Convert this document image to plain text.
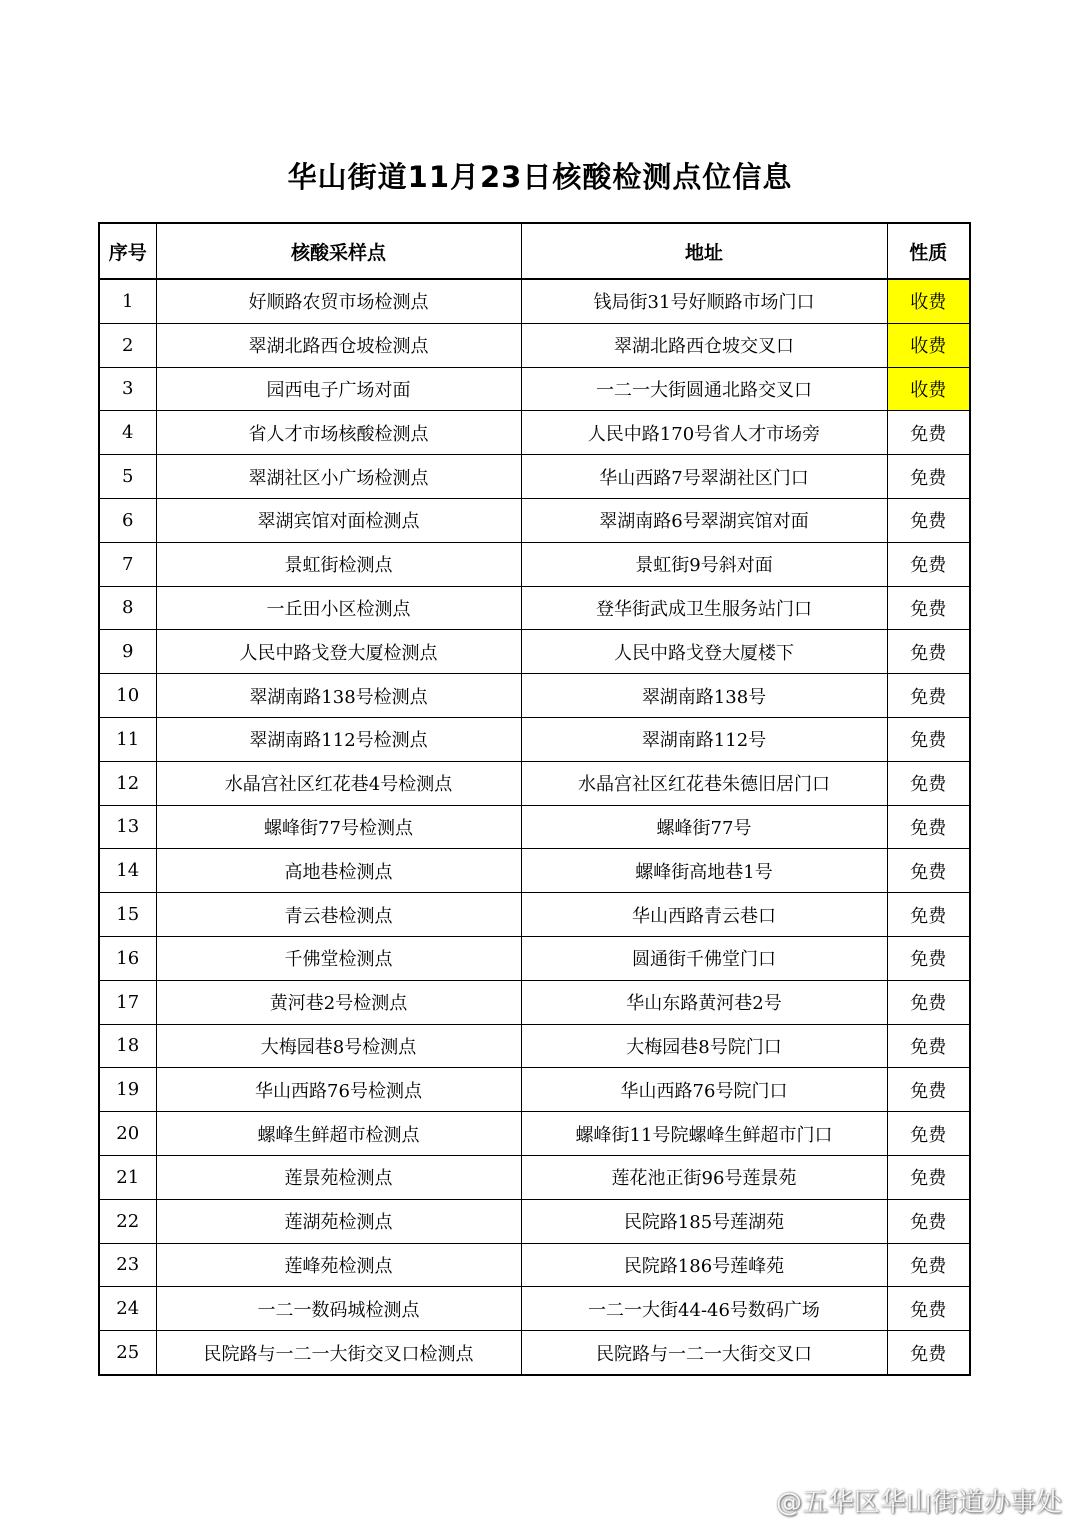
华山街道11月23日核酸检测点位信息
序号	核酸采样点	地址	性质
1	好顺路农贸市场检测点	钱局街31号好顺路市场门口	收费
2	翠湖北路西仓坡检测点	翠湖北路西仓坡交叉口	收费
3	园西电子广场对面	一二一大街圆通北路交叉口	收费
4	省人才市场核酸检测点	人民中路170号省人才市场旁	免费
5	翠湖社区小广场检测点	华山西路7号翠湖社区门口	免费
6	翠湖宾馆对面检测点	翠湖南路6号翠湖宾馆对面	免费
7	景虹街检测点	景虹街9号斜对面	免费
8	一丘田小区检测点	登华街武成卫生服务站门口	免费
9	人民中路戈登大厦检测点	人民中路戈登大厦楼下	免费
10	翠湖南路138号检测点	翠湖南路138号	免费
11	翠湖南路112号检测点	翠湖南路112号	免费
12	水晶宫社区红花巷4号检测点	水晶宫社区红花巷朱德旧居门口	免费
13	螺峰街77号检测点	螺峰街77号	免费
14	高地巷检测点	螺峰街高地巷1号	免费
15	青云巷检测点	华山西路青云巷口	免费
16	千佛堂检测点	圆通街千佛堂门口	免费
17	黄河巷2号检测点	华山东路黄河巷2号	免费
18	大梅园巷8号检测点	大梅园巷8号院门口	免费
19	华山西路76号检测点	华山西路76号院门口	免费
20	螺峰生鲜超市检测点	螺峰街11号院螺峰生鲜超市门口	免费
21	莲景苑检测点	莲花池正街96号莲景苑	免费
22	莲湖苑检测点	民院路185号莲湖苑	免费
23	莲峰苑检测点	民院路186号莲峰苑	免费
24	一二一数码城检测点	一二一大街44-46号数码广场	免费
25	民院路与一二一大街交叉口检测点	民院路与一二一大街交叉口	免费
@五华区华山街道办事处
